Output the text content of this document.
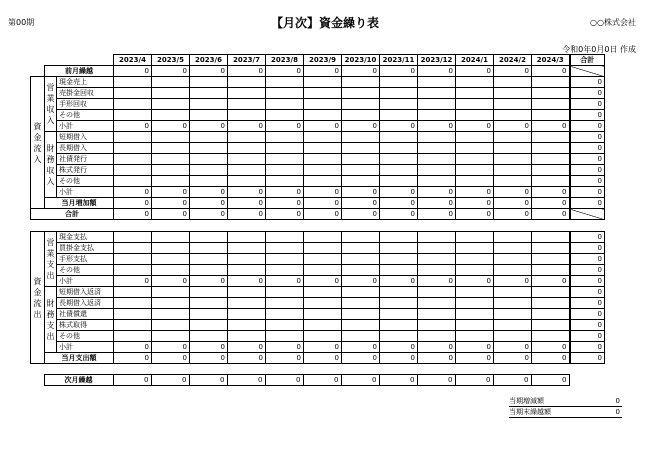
第00期	【月次】資金繰り表	○○株式会社
令和0年0月0日 作成
			2023/4	2023/5	2023/6	2023/7	2023/8	2023/9	2023/10	2023/11	2023/12	2024/1	2024/2	2024/3	合計
	前月繰越		0	0	0	0	0	0	0	0	0	0	0	0	
資金流入	営業収入	現金売上													0
		売掛金回収													0
		手形回収													0
		その他													0
		小計	0	0	0	0	0	0	0	0	0	0	0	0	0
	財務収入	短期借入													0
		長期借入													0
		社債発行													0
		株式発行													0
		その他													0
		小計	0	0	0	0	0	0	0	0	0	0	0	0	0
	当月増加額		0	0	0	0	0	0	0	0	0	0	0	0	0
合計			0	0	0	0	0	0	0	0	0	0	0	0	
資金流出	営業支出	現金支払													0
		買掛金支払													0
		手形支払													0
		その他													0
		小計	0	0	0	0	0	0	0	0	0	0	0	0	0
	財務支出	短期借入返済													0
		長期借入返済													0
		社債償還													0
		株式取得													0
		その他													0
		小計	0	0	0	0	0	0	0	0	0	0	0	0	0
	当月支出額		0	0	0	0	0	0	0	0	0	0	0	0	0
	次月繰越	0	0	0	0	0	0	0	0	0	0	0	0	
当期増減額	0
当期末繰越額	0
